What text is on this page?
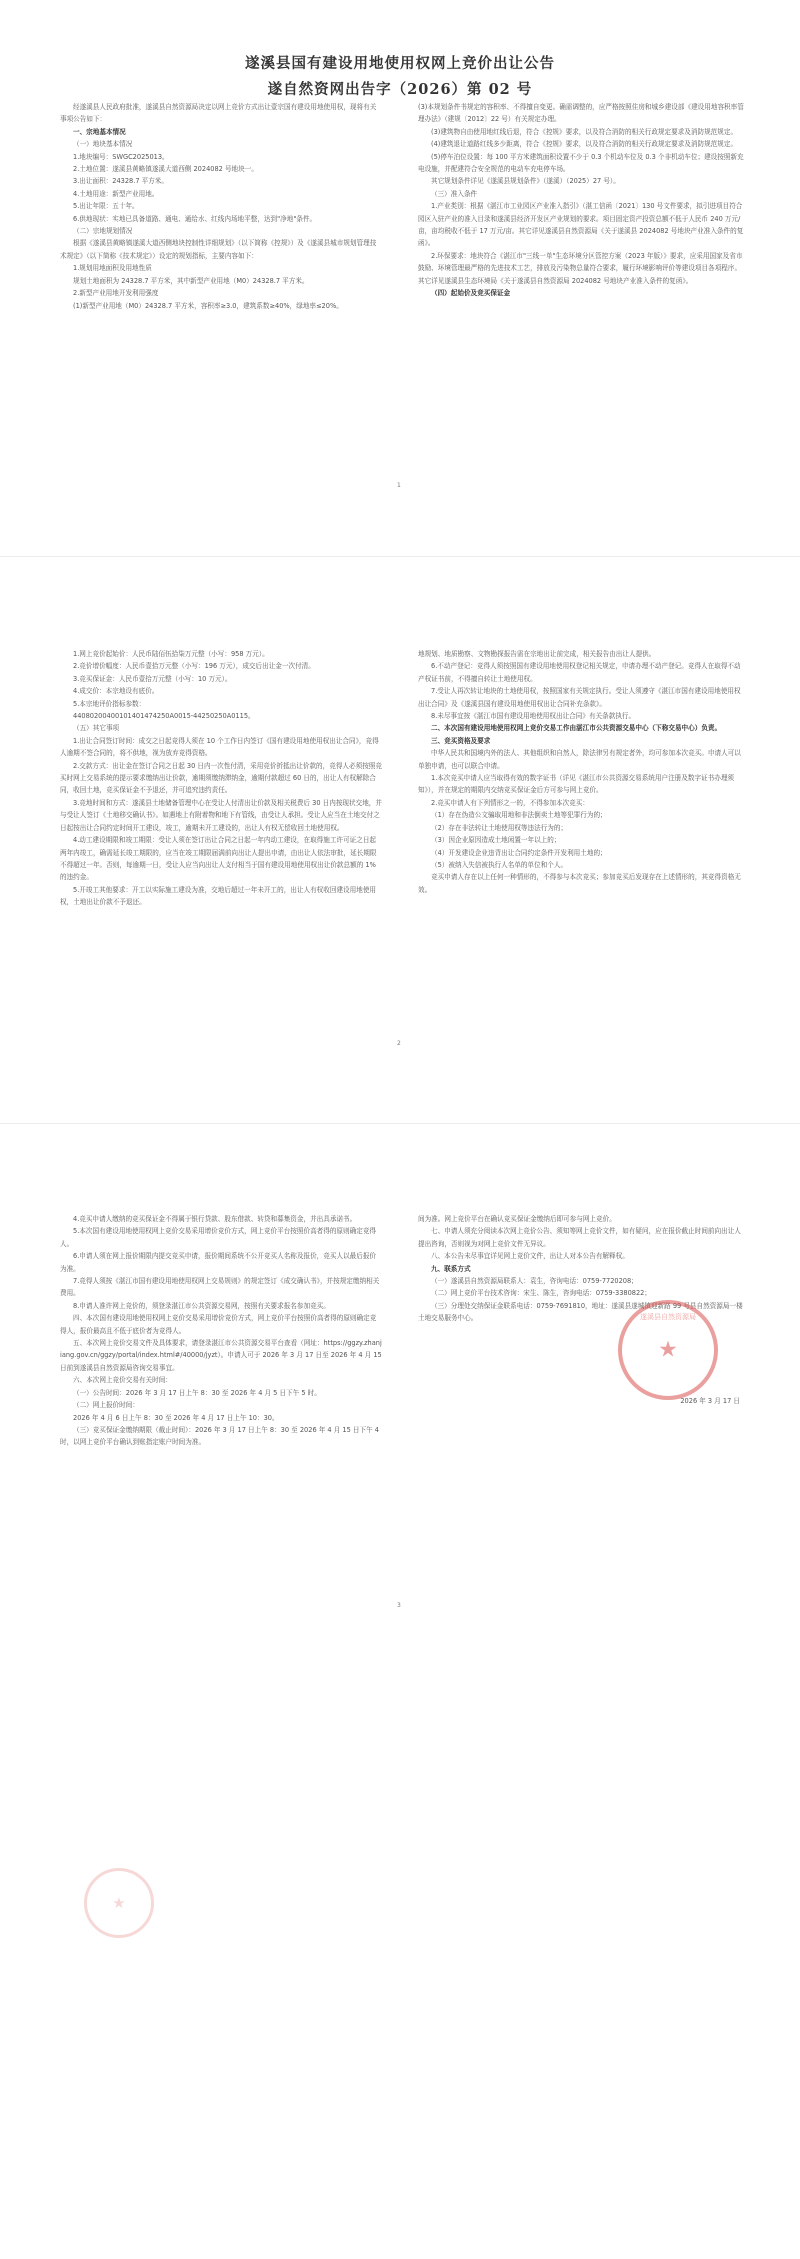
遂溪县国有建设用地使用权网上竞价出让公告
遂自然资网出告字（2026）第 02 号

经遂溪县人民政府批准，遂溪县自然资源局决定以网上竞价方式出让壹宗国有建设用地使用权，现将有关事项公告如下：

一、宗地基本情况

（一）地块基本情况

1.地块编号：SWGC2025013。

2.土地位置：遂溪县黄略镇遂溪大道西侧 2024082 号地块一。

3.出让面积：24328.7 平方米。

4.土地用途：新型产业用地。

5.出让年限：五十年。

6.供地现状：实地已具备道路、通电、通给水、红线内场地平整，达到"净地"条件。

（二）宗地规划情况

根据《遂溪县黄略镇遂溪大道西侧地块控制性详细规划》（以下简称《控规》）及《遂溪县城市规划管理技术规定》（以下简称《技术规定》）设定的规划指标，主要内容如下：

1.规划用地面积及用地性质

规划土地面积为 24328.7 平方米，其中新型产业用地（M0）24328.7 平方米。

2.新型产业用地开发利用强度

(1)新型产业用地（M0）24328.7 平方米，容积率≥3.0，建筑系数≥40%，绿地率≤20%。

(3)本规划条件书规定的容积率、不得擅自变更。确需调整的，应严格按照住房和城乡建设部《建设用地容积率管理办法》（建规〔2012〕22 号）有关规定办理。

(3)建筑物自由使用地红线后退，符合《控规》要求，以及符合消防的相关行政规定要求及消防规范规定。

(4)建筑退让道路红线多少距离，符合《控规》要求，以及符合消防的相关行政规定要求及消防规范规定。

(5)停车泊位设置：每 100 平方米建筑面积设置不少于 0.3 个机动车位及 0.3 个非机动车位；建设按照新充电设施，并配建符合安全规范的电动车充电停车场。

其它规划条件详见《遂溪县规划条件》（遂溪）（2025）27 号）。

（三）准入条件

1.产业类别：根据《湛江市工业园区产业准入指引》（湛工信函〔2021〕130 号文件要求，拟引进项目符合园区入驻产业的准入目录和遂溪县经济开发区产业规划的要求。项目固定资产投资总额不低于人民币 240 万元/亩，亩均税收不低于 17 万元/亩。其它详见遂溪县自然资源局《关于遂溪县 2024082 号地块产业准入条件的复函》。

2.环保要求：地块符合《湛江市"三线一单"生态环境分区管控方案（2023 年版）》要求，应采用国家及省市鼓励、环境管理最严格的先进技术工艺，排放及污染物总量符合要求，履行环境影响评价等建设项目各项程序。其它详见遂溪县生态环境局《关于遂溪县自然资源局 2024082 号地块产业准入条件的复函》。

（四）起始价及竞买保证金

1

1.网上竞价起始价：人民币陆佰伍拾柒万元整（小写：958 万元）。

2.竞价增价幅度：人民币壹拾万元整（小写：196 万元），成交后出让金一次付清。

3.竞买保证金：人民币壹拾万元整（小写：10 万元）。

4.成交价：本宗地设有底价。

5.本宗地评价指标参数：

44080200400101401474250A0015-44250250A0115。

（五）其它事项

1.出让合同签订时间：成交之日起竞得人须在 10 个工作日内签订《国有建设用地使用权出让合同》，竞得人逾期不签合同的，将不供地，视为放弃竞得资格。

2.交款方式：出让金在签订合同之日起 30 日内一次性付清，采用竞价折抵出让价款的，竞得人必须按照竞买时网上交易系统的提示要求缴纳出让价款，逾期须缴纳滞纳金，逾期付款超过 60 日的，出让人有权解除合同，收回土地，竞买保证金不予退还，并可追究违约责任。

3.竞地时间和方式：遂溪县土地储备管理中心在受让人付清出让价款及相关税费后 30 日内按现状交地，并与受让人签订《土地移交确认书》。如遇地上有附着物和地下有管线，由受让人承担。受让人应当在土地交付之日起按出让合同约定时间开工建设，竣工，逾期未开工建设的，出让人有权无偿收回土地使用权。

4.动工建设期限和竣工期限：受让人须在签订出让合同之日起一年内动工建设，在取得施工许可证之日起两年内竣工，确需延长竣工期限的，应当在竣工期限届满前向出让人提出申请，由出让人依法审批，延长期限不得超过一年。否则，每逾期一日，受让人应当向出让人支付相当于国有建设用地使用权出让价款总额的 1%的违约金。

5.开竣工其他要求：开工以实际施工建设为准，交地后超过一年未开工的，出让人有权收回建设用地使用权，土地出让价款不予退还。

地规划、地质勘察、文物勘探报告需在宗地出让前完成，相关报告由出让人提供。

6.不动产登记：竞得人须按照国有建设用地使用权登记相关规定，申请办理不动产登记。竞得人在取得不动产权证书前，不得擅自转让土地使用权。

7.受让人再次转让地块的土地使用权，按照国家有关规定执行。受让人须遵守《湛江市国有建设用地使用权出让合同》及《遂溪县国有建设用地使用权出让合同补充条款》。

8.未尽事宜按《湛江市国有建设用地使用权出让合同》有关条款执行。

二、本次国有建设用地使用权网上竞价交易工作由湛江市公共资源交易中心（下称交易中心）负责。

三、竞买资格及要求

中华人民共和国境内外的法人、其他组织和自然人，除法律另有规定者外，均可参加本次竞买。申请人可以单独申请，也可以联合申请。

1.本次竞买申请人应当取得有效的数字证书（详见《湛江市公共资源交易系统用户注册及数字证书办理须知》），并在规定的期限内交纳竞买保证金后方可参与网上竞价。

2.竞买申请人有下列情形之一的，不得参加本次竞买：

（1）存在伪造公文骗取用地和非法倒卖土地等犯罪行为的；

（2）存在非法转让土地使用权等违法行为的；

（3）因企业原因造成土地闲置一年以上的；

（4）开发建设企业违背出让合同约定条件开发利用土地的；

（5）被纳入失信被执行人名单的单位和个人。

竞买申请人存在以上任何一种情形的，不得参与本次竞买；参加竞买后发现存在上述情形的，其竞得资格无效。

2

4.竞买申请人缴纳的竞买保证金不得属于银行贷款、股东借款、转贷和募集资金，并出具承诺书。

5.本次国有建设用地使用权网上竞价交易采用增价竞价方式，网上竞价平台按照价高者得的原则确定竞得人。

6.申请人须在网上报价期限内提交竞买申请，报价期间系统不公开竞买人名称及报价，竞买人以最后报价为准。

7.竞得人须按《湛江市国有建设用地使用权网上交易规则》的规定签订《成交确认书》，并按规定缴纳相关费用。

8.申请人准许网上竞价的，须登录湛江市公共资源交易网，按照有关要求报名参加竞买。

四、本次国有建设用地使用权网上竞价交易采用增价竞价方式，网上竞价平台按照价高者得的原则确定竞得人，报价最高且不低于底价者为竞得人。

五、本次网上竞价交易文件及具体要求，请登录湛江市公共资源交易平台查看（网址：https://ggzy.zhanjiang.gov.cn/ggzy/portal/index.html#/40000/jyzt）。申请人可于 2026 年 3 月 17 日至 2026 年 4 月 15 日前到遂溪县自然资源局咨询交易事宜。

六、本次网上竞价交易有关时间：

（一）公告时间：2026 年 3 月 17 日上午 8：30 至 2026 年 4 月 5 日下午 5 时。

（二）网上报价时间：

2026 年 4 月 6 日上午 8：30 至 2026 年 4 月 17 日上午 10：30。

（三）竞买保证金缴纳期限（截止时间）：2026 年 3 月 17 日上午 8：30 至 2026 年 4 月 15 日下午 4 时，以网上竞价平台确认到账指定账户时间为准。

间为准。网上竞价平台在确认竞买保证金缴纳后即可参与网上竞价。

七、申请人须充分阅读本次网上竞价公告、须知等网上竞价文件，如有疑问，应在报价截止时间前向出让人提出咨询，否则视为对网上竞价文件无异议。

八、本公告未尽事宜详见网上竞价文件，出让人对本公告有解释权。

九、联系方式

（一）遂溪县自然资源局联系人：袁生，咨询电话：0759-7720208；

（二）网上竞价平台技术咨询：宋生、陈生，咨询电话：0759-3380822；

（三）分理处交纳保证金联系电话：0759-7691810，地址：遂溪县遂城镇迎新路 99 号县自然资源局一楼土地交易服务中心。

2026 年 3 月 17 日
3
遂溪县自然资源局
★
★
